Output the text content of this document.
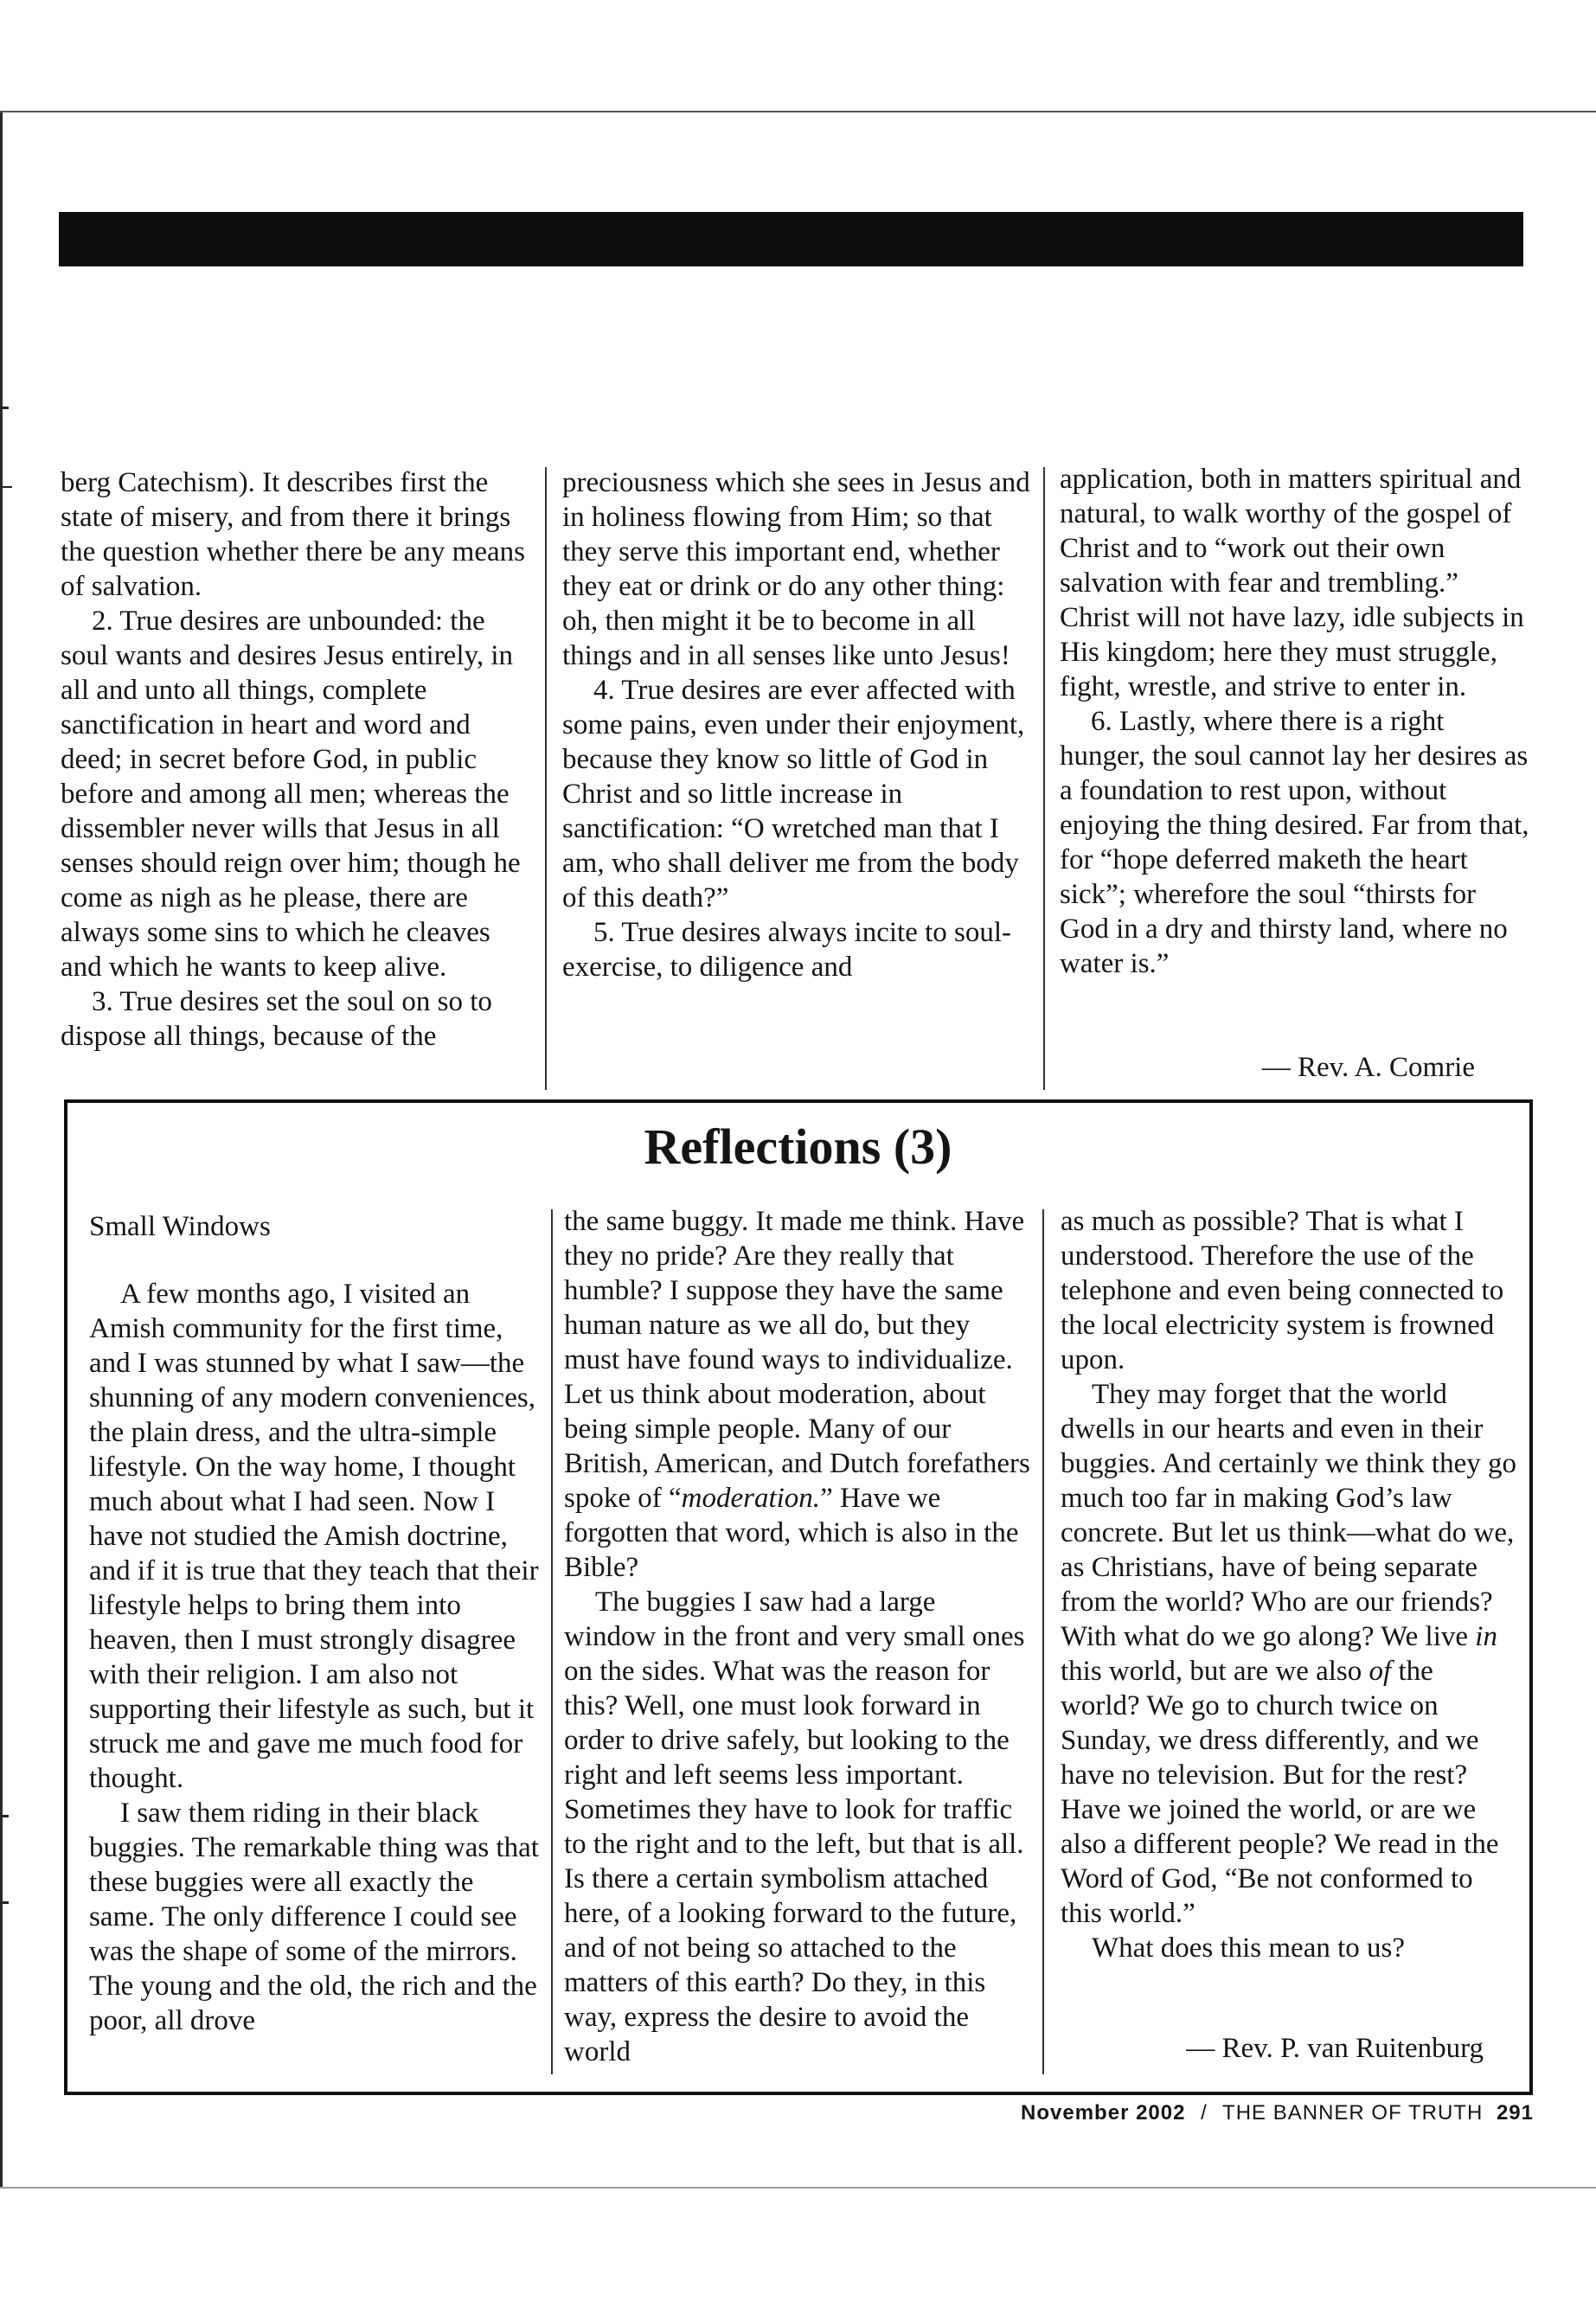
berg Catechism). It describes first the state of misery, and from there it brings the question whether there be any means of salvation.

2. True desires are unbounded: the soul wants and desires Jesus entirely, in all and unto all things, complete sanctification in heart and word and deed; in secret before God, in public before and among all men; whereas the dissembler never wills that Jesus in all senses should reign over him; though he come as nigh as he please, there are always some sins to which he cleaves and which he wants to keep alive.

3. True desires set the soul on so to dispose all things, because of the

preciousness which she sees in Jesus and in holiness flowing from Him; so that they serve this important end, whether they eat or drink or do any other thing: oh, then might it be to become in all things and in all senses like unto Jesus!

4. True desires are ever affected with some pains, even under their enjoyment, because they know so little of God in Christ and so little increase in sanctification: “O wretched man that I am, who shall deliver me from the body of this death?”

5. True desires always incite to soul-exercise, to diligence and

application, both in matters spiritual and natural, to walk worthy of the gospel of Christ and to “work out their own salvation with fear and trembling.” Christ will not have lazy, idle subjects in His kingdom; here they must struggle, fight, wrestle, and strive to enter in.

6. Lastly, where there is a right hunger, the soul cannot lay her desires as a foundation to rest upon, without enjoying the thing desired. Far from that, for “hope deferred maketh the heart sick”; wherefore the soul “thirsts for God in a dry and thirsty land, where no water is.”

— Rev. A. Comrie
Reflections (3)
Small Windows

A few months ago, I visited an Amish community for the first time, and I was stunned by what I saw—the shunning of any modern conveniences, the plain dress, and the ultra-simple lifestyle. On the way home, I thought much about what I had seen. Now I have not studied the Amish doctrine, and if it is true that they teach that their lifestyle helps to bring them into heaven, then I must strongly disagree with their religion. I am also not supporting their lifestyle as such, but it struck me and gave me much food for thought.

I saw them riding in their black buggies. The remarkable thing was that these buggies were all exactly the same. The only difference I could see was the shape of some of the mirrors. The young and the old, the rich and the poor, all drove

the same buggy. It made me think. Have they no pride? Are they really that humble? I suppose they have the same human nature as we all do, but they must have found ways to individualize. Let us think about moderation, about being simple people. Many of our British, American, and Dutch forefathers spoke of “moderation.” Have we forgotten that word, which is also in the Bible?

The buggies I saw had a large window in the front and very small ones on the sides. What was the reason for this? Well, one must look forward in order to drive safely, but looking to the right and left seems less important. Sometimes they have to look for traffic to the right and to the left, but that is all. Is there a certain symbolism attached here, of a looking forward to the future, and of not being so attached to the matters of this earth? Do they, in this way, express the desire to avoid the world

as much as possible? That is what I understood. Therefore the use of the telephone and even being connected to the local electricity system is frowned upon.

They may forget that the world dwells in our hearts and even in their buggies. And certainly we think they go much too far in making God’s law concrete. But let us think—what do we, as Christians, have of being separate from the world? Who are our friends? With what do we go along? We live in this world, but are we also of the world? We go to church twice on Sunday, we dress differently, and we have no television. But for the rest? Have we joined the world, or are we also a different people? We read in the Word of God, “Be not conformed to this world.”

What does this mean to us?

— Rev. P. van Ruitenburg
November 2002 / THE BANNER OF TRUTH 291
